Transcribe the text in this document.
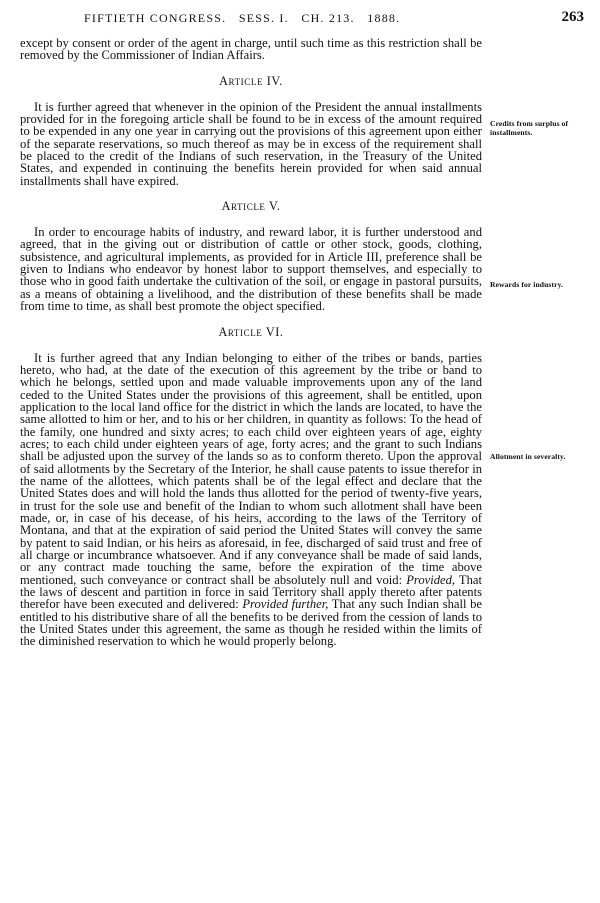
FIFTIETH CONGRESS.   SESS. I.   CH. 213.   1888.	263

except by consent or order of the agent in charge, until such time as this restriction shall be removed by the Commissioner of Indian Affairs.

Article IV.

It is further agreed that whenever in the opinion of the President the annual installments provided for in the foregoing article shall be found to be in excess of the amount required to be expended in any one year in carrying out the provisions of this agreement upon either of the separate reservations, so much thereof as may be in excess of the requirement shall be placed to the credit of the Indians of such reservation, in the Treasury of the United States, and expended in continuing the benefits herein provided for when said annual installments shall have expired.

Article V.

In order to encourage habits of industry, and reward labor, it is further understood and agreed, that in the giving out or distribution of cattle or other stock, goods, clothing, subsistence, and agricultural implements, as provided for in Article III, preference shall be given to Indians who endeavor by honest labor to support themselves, and especially to those who in good faith undertake the cultivation of the soil, or engage in pastoral pursuits, as a means of obtaining a livelihood, and the distribution of these benefits shall be made from time to time, as shall best promote the object specified.

Article VI.

It is further agreed that any Indian belonging to either of the tribes or bands, parties hereto, who had, at the date of the execution of this agreement by the tribe or band to which he belongs, settled upon and made valuable improvements upon any of the land ceded to the United States under the provisions of this agreement, shall be entitled, upon application to the local land office for the district in which the lands are located, to have the same allotted to him or her, and to his or her children, in quantity as follows: To the head of the family, one hundred and sixty acres; to each child over eighteen years of age, eighty acres; to each child under eighteen years of age, forty acres; and the grant to such Indians shall be adjusted upon the survey of the lands so as to conform thereto. Upon the approval of said allotments by the Secretary of the Interior, he shall cause patents to issue therefor in the name of the allottees, which patents shall be of the legal effect and declare that the United States does and will hold the lands thus allotted for the period of twenty-five years, in trust for the sole use and benefit of the Indian to whom such allotment shall have been made, or, in case of his decease, of his heirs, according to the laws of the Territory of Montana, and that at the expiration of said period the United States will convey the same by patent to said Indian, or his heirs as aforesaid, in fee, discharged of said trust and free of all charge or incumbrance whatsoever. And if any conveyance shall be made of said lands, or any contract made touching the same, before the expiration of the time above mentioned, such conveyance or contract shall be absolutely null and void: Provided, That the laws of descent and partition in force in said Territory shall apply thereto after patents therefor have been executed and delivered: Provided further, That any such Indian shall be entitled to his distributive share of all the benefits to be derived from the cession of lands to the United States under this agreement, the same as though he resided within the limits of the diminished reservation to which he would properly belong.

Credits from surplus of installments.
Rewards for industry.
Allotment in severalty.
